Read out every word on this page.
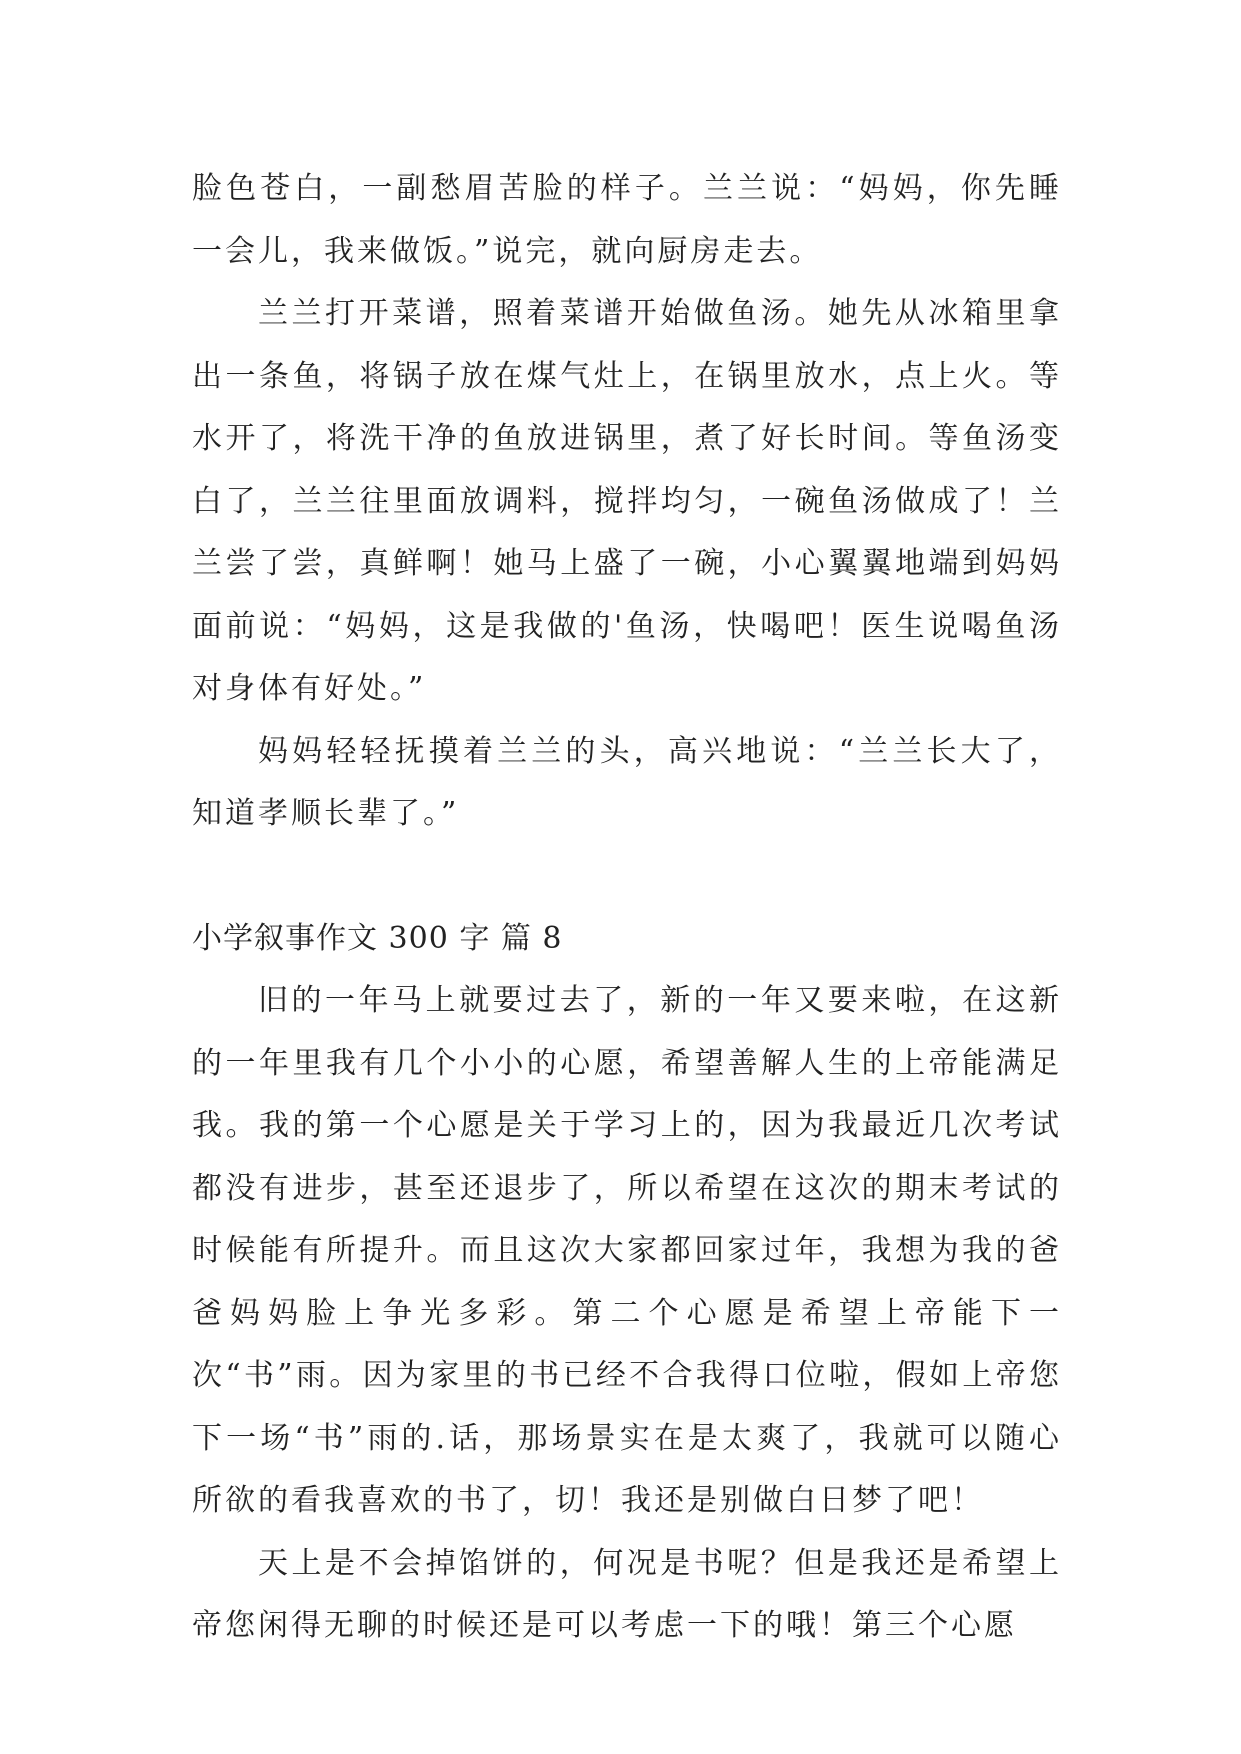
脸色苍白，一副愁眉苦脸的样子。兰兰说：“妈妈，你先睡一会儿，我来做饭。”说完，就向厨房走去。

兰兰打开菜谱，照着菜谱开始做鱼汤。她先从冰箱里拿出一条鱼，将锅子放在煤气灶上，在锅里放水，点上火。等水开了，将洗干净的鱼放进锅里，煮了好长时间。等鱼汤变白了，兰兰往里面放调料，搅拌均匀，一碗鱼汤做成了！兰兰尝了尝，真鲜啊！她马上盛了一碗，小心翼翼地端到妈妈面前说：“妈妈，这是我做的'鱼汤，快喝吧！医生说喝鱼汤对身体有好处。”

妈妈轻轻抚摸着兰兰的头，高兴地说：“兰兰长大了，知道孝顺长辈了。”

小学叙事作文 300 字 篇 8

旧的一年马上就要过去了，新的一年又要来啦，在这新的一年里我有几个小小的心愿，希望善解人生的上帝能满足我。我的第一个心愿是关于学习上的，因为我最近几次考试都没有进步，甚至还退步了，所以希望在这次的期末考试的时候能有所提升。而且这次大家都回家过年，我想为我的爸爸妈妈脸上争光多彩。第二个心愿是希望上帝能下一次“书”雨。因为家里的书已经不合我得口位啦，假如上帝您下一场“书”雨的.话，那场景实在是太爽了，我就可以随心所欲的看我喜欢的书了，切！我还是别做白日梦了吧！

天上是不会掉馅饼的，何况是书呢？但是我还是希望上帝您闲得无聊的时候还是可以考虑一下的哦！第三个心愿
